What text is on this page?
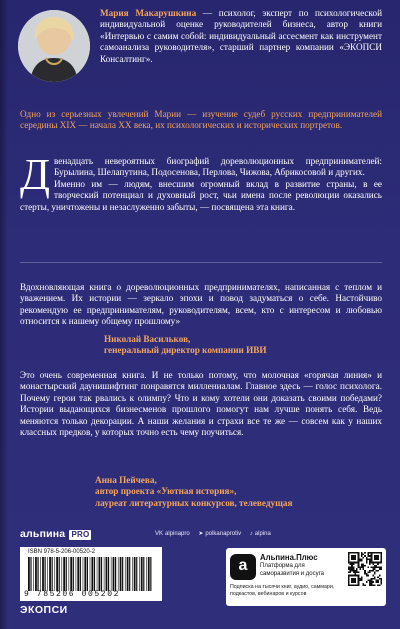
Мария Макарушкина — психолог, эксперт по психологической индивидуальной оценке руководителей бизнеса, автор книги «Интервью с самим собой: индивидуальный ассесмент как инструмент самоанализа руководителя», старший партнер компании «ЭКОПСИ Консалтинг».
Одно из серьезных увлечений Марии — изучение судеб русских предпринимателей середины XIX — начала XX века, их психологических и исторических портретов.
Д венадцать невероятных биографий дореволюционных предпринимателей: Бурылина, Шелапутина, Подосенова, Перлова, Чижова, Абрикосовой и других.
Именно им — людям, внесшим огромный вклад в развитие страны, в ее творческий потенциал и духовный рост, чьи имена после революции оказались стерты, уничтожены и незаслуженно забыты, — посвящена эта книга.
Вдохновляющая книга о дореволюционных предпринимателях, написанная с теплом и уважением. Их истории — зеркало эпохи и повод задуматься о себе. Настойчиво рекомендую ее предпринимателям, руководителям, всем, кто с интересом и любовью относится к нашему общему прошлому»
Николай Васильков,
генеральный директор компании ИВИ
Это очень современная книга. И не только потому, что молочная «горячая линия» и монастырский даунишифтинг понравятся миллениалам. Главное здесь — голос психолога. Почему герои так рвались к олимпу? Что и кому хотели они доказать своими победами? Истории выдающихся бизнесменов прошлого помогут нам лучше понять себя. Ведь меняются только декорации. А наши желания и страхи все те же — совсем как у наших классных предков, у которых точно есть чему поучиться.
Анна Пейчева,
автор проекта «Уютная история»,
лауреат литературных конкурсов, телеведущая
альпина PRO	VK alpinapro ➤ polkanaprotiv ♪ alpina
ISBN 978-5-206-00520-2
9 785206 005202
ЭКОПСИ
a	Альпина.Плюс
Платформа для саморазвития и досуга
Подписка на тысячи книг, аудио, саммари, подкастов, вебинаров и курсов
